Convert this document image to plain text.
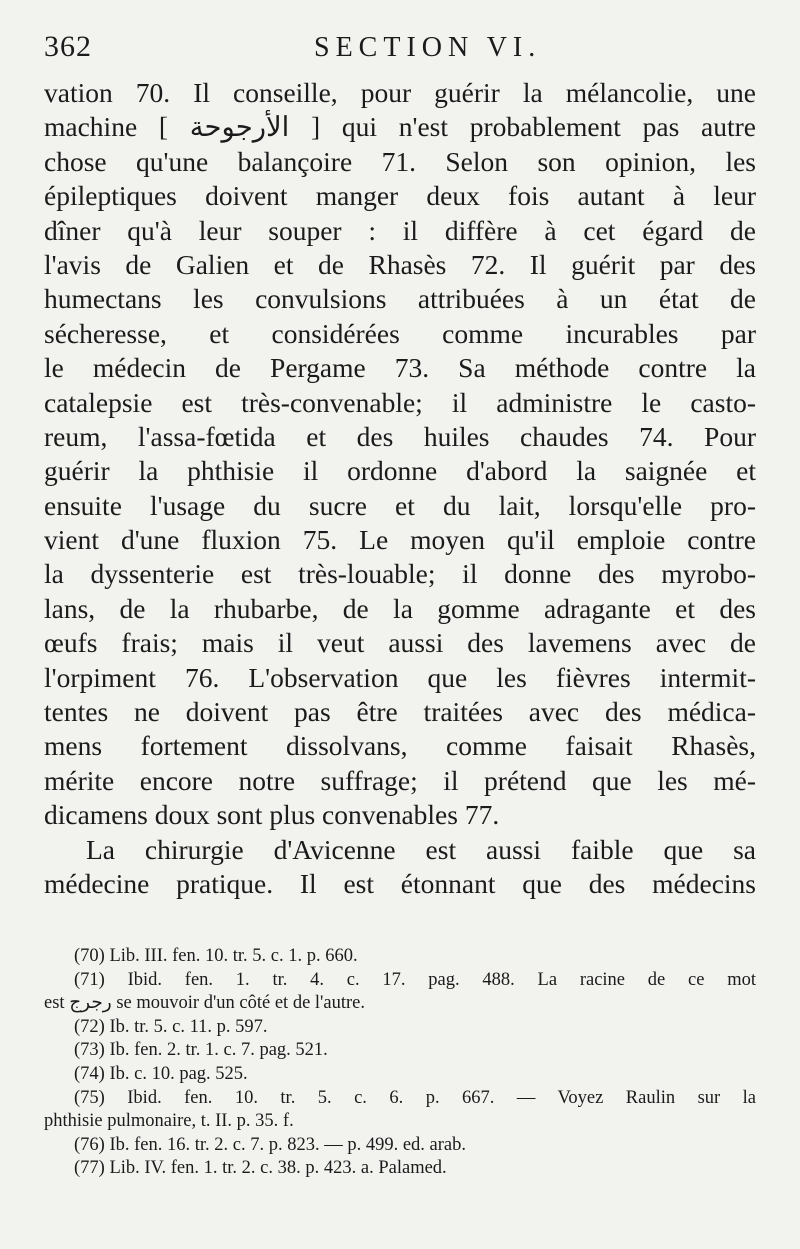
362	SECTION VI.
vation 70. Il conseille, pour guérir la mélancolie, une
machine [ الأرجوحة ] qui n'est probablement pas autre
chose qu'une balançoire 71. Selon son opinion, les
épileptiques doivent manger deux fois autant à leur
dîner qu'à leur souper : il diffère à cet égard de
l'avis de Galien et de Rhasès 72. Il guérit par des
humectans les convulsions attribuées à un état de
sécheresse, et considérées comme incurables par
le médecin de Pergame 73. Sa méthode contre la
catalepsie est très-convenable; il administre le casto-
reum, l'assa-fœtida et des huiles chaudes 74. Pour
guérir la phthisie il ordonne d'abord la saignée et
ensuite l'usage du sucre et du lait, lorsqu'elle pro-
vient d'une fluxion 75. Le moyen qu'il emploie contre
la dyssenterie est très-louable; il donne des myrobo-
lans, de la rhubarbe, de la gomme adragante et des
œufs frais; mais il veut aussi des lavemens avec de
l'orpiment 76. L'observation que les fièvres intermit-
tentes ne doivent pas être traitées avec des médica-
mens fortement dissolvans, comme faisait Rhasès,
mérite encore notre suffrage; il prétend que les mé-
dicamens doux sont plus convenables 77.
La chirurgie d'Avicenne est aussi faible que sa
médecine pratique. Il est étonnant que des médecins
(70) Lib. III. fen. 10. tr. 5. c. 1. p. 660.
(71) Ibid. fen. 1. tr. 4. c. 17. pag. 488. La racine de ce mot
est رجرج se mouvoir d'un côté et de l'autre.
(72) Ib. tr. 5. c. 11. p. 597.
(73) Ib. fen. 2. tr. 1. c. 7. pag. 521.
(74) Ib. c. 10. pag. 525.
(75) Ibid. fen. 10. tr. 5. c. 6. p. 667. — Voyez Raulin sur la
phthisie pulmonaire, t. II. p. 35. f.
(76) Ib. fen. 16. tr. 2. c. 7. p. 823. — p. 499. ed. arab.
(77) Lib. IV. fen. 1. tr. 2. c. 38. p. 423. a. Palamed.
